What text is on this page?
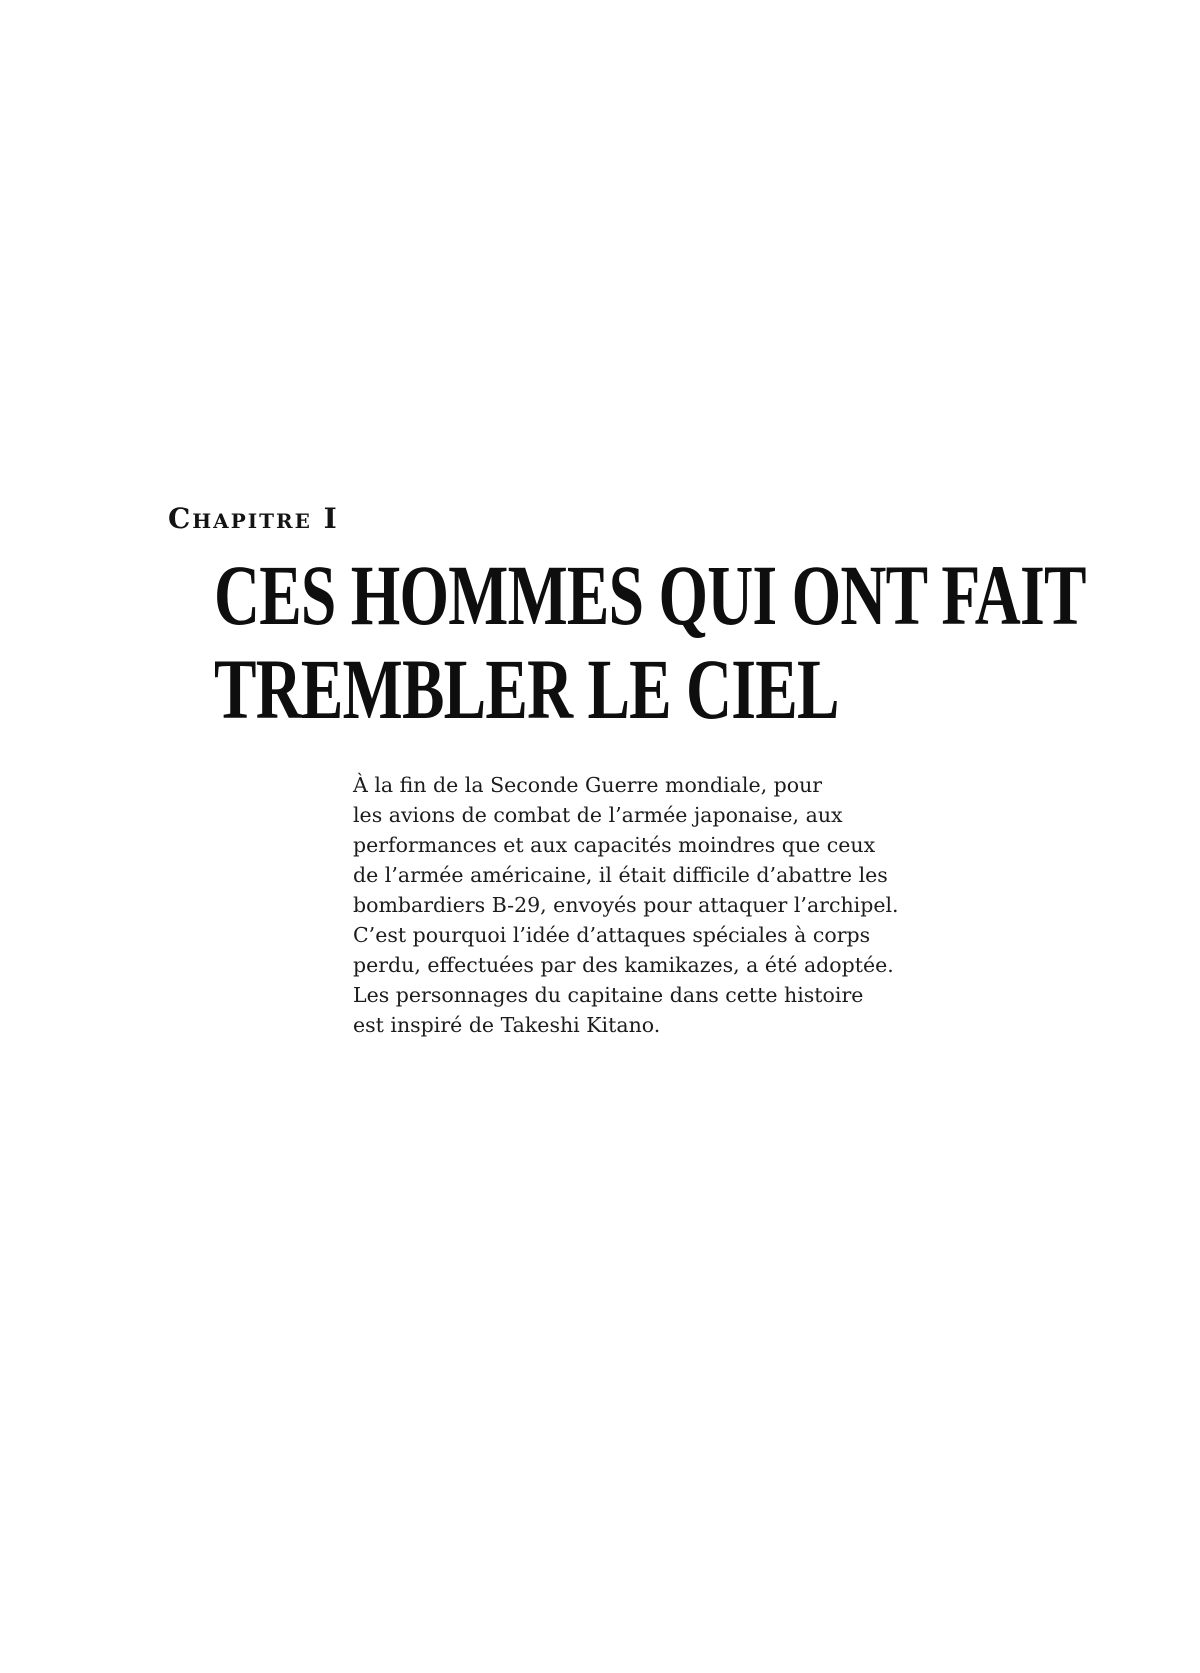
Chapitre I
CES HOMMES QUI ONT FAIT
TREMBLER LE CIEL

À la fin de la Seconde Guerre mondiale, pour
les avions de combat de l’armée japonaise, aux
performances et aux capacités moindres que ceux
de l’armée américaine, il était difficile d’abattre les
bombardiers B-29, envoyés pour attaquer l’archipel.
C’est pourquoi l’idée d’attaques spéciales à corps
perdu, effectuées par des kamikazes, a été adoptée.
Les personnages du capitaine dans cette histoire
est inspiré de Takeshi Kitano.
